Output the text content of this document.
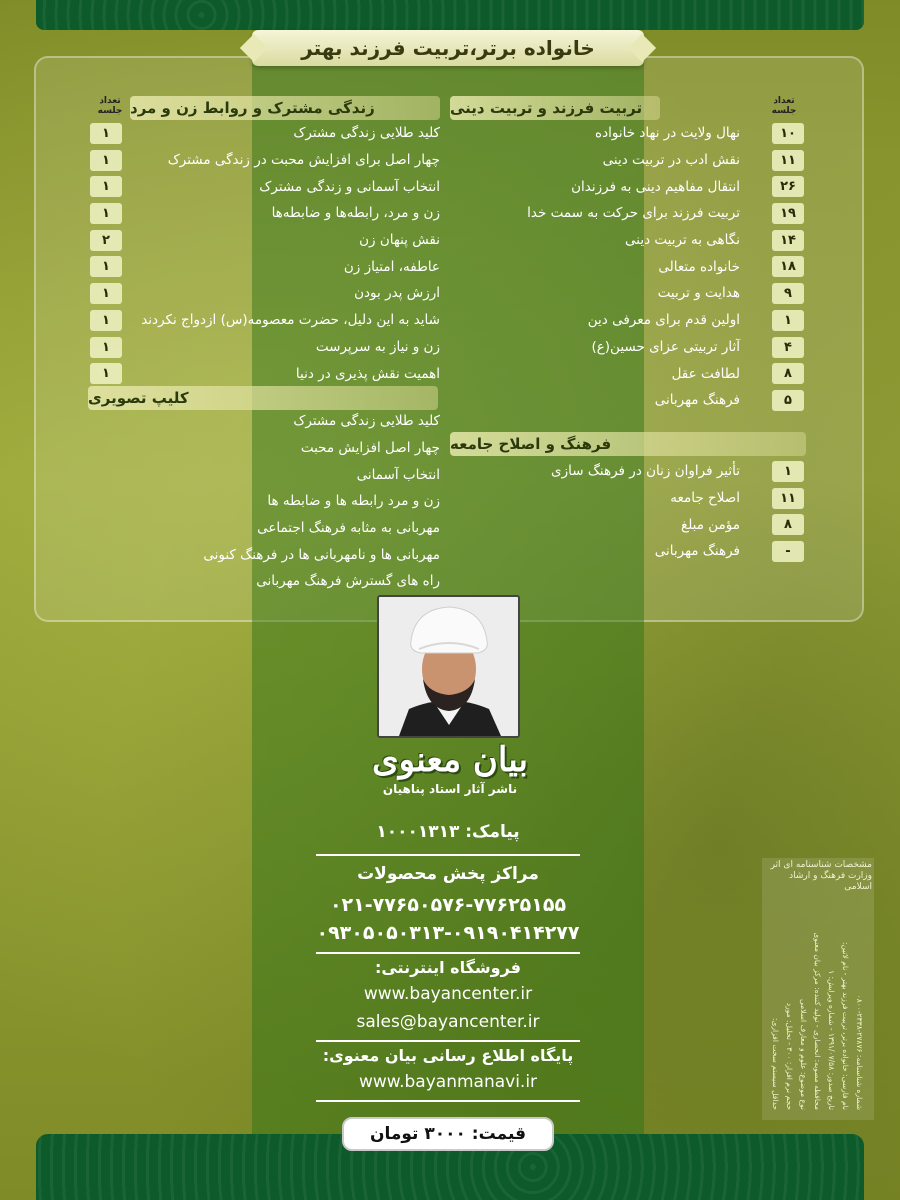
خانواده برتر،تربیت فرزند بهتر
تعداد جلسه
تربیت فرزند و تربیت دینی
نهال ولایت در نهاد خانواده
نقش ادب در تربیت دینی
انتقال مفاهیم دینی به فرزندان
تربیت فرزند برای حرکت به سمت خدا
نگاهی به تربیت دینی
خانواده متعالی
هدایت و تربیت
اولین قدم برای معرفی دین
آثار تربیتی عزای حسین(ع)
لطافت عقل
فرهنگ مهربانی
۱۰
۱۱
۲۶
۱۹
۱۴
۱۸
۹
۱
۴
۸
۵
فرهنگ و اصلاح جامعه
تأثیر فراوان زنان در فرهنگ سازی
اصلاح جامعه
مؤمن مبلغ
فرهنگ مهربانی
۱
۱۱
۸
-
تعداد جلسه زندگی مشترک و روابط زن و مرد
کلید طلایی زندگی مشترک
چهار اصل برای افزایش محبت در زندگی مشترک
انتخاب آسمانی و زندگی مشترک
زن و مرد، رابطه‌ها و ضابطه‌ها
نقش پنهان زن
عاطفه، امتیاز زن
ارزش پدر بودن
شاید به این دلیل، حضرت معصومه(س) ازدواج نکردند
زن و نیاز به سرپرست
اهمیت نقش پذیری در دنیا
۱
۱
۱
۱
۲
۱
۱
۱
۱
۱
کلیپ تصویری
کلید طلایی زندگی مشترک
چهار اصل افزایش محبت
انتخاب آسمانی
زن و مرد رابطه ها و ضابطه ها
مهربانی به مثابه فرهنگ اجتماعی
مهربانی ها و نامهربانی ها در فرهنگ کنونی
راه های گسترش فرهنگ مهربانی
بیان معنوی
ناشر آثار استاد پناهیان
پیامک: ۱۰۰۰۱۳۱۳
مراکز پخش محصولات
۰۲۱-۷۷۶۵۰۵۷۶-۷۷۶۲۵۱۵۵
۰۹۳۰۵۰۵۰۳۱۳-۰۹۱۹۰۴۱۴۲۷۷
فروشگاه اینترنتی:
www.bayancenter.ir
sales@bayancenter.ir
پایگاه اطلاع رسانی بیان معنوی:
www.bayanmanavi.ir
قیمت: ۳۰۰۰ تومان
مشخصات شناسنامه ای اثر
وزارت فرهنگ و ارشاد اسلامی
شماره شناسنامه: ۲۷۸۷۶-۲۳۳۸-۰۸۰۰
نام فارسی: خانواده برتر، تربیت فرزند بهتر - نام لاتین:
تاریخ صدور: ۱۳۹۱/۰۷/۵۸ - شماره ویرایش: ۱
محافظه مصوبه: انحصاری - تولید کننده: مرکز بیان معنوی
نوع موضوع: علوم و معارف اسلامی
حجم نرم افزار: ۳۰۰ - تحلیل: مورد
حداقل سیستم سخت افزاری:
